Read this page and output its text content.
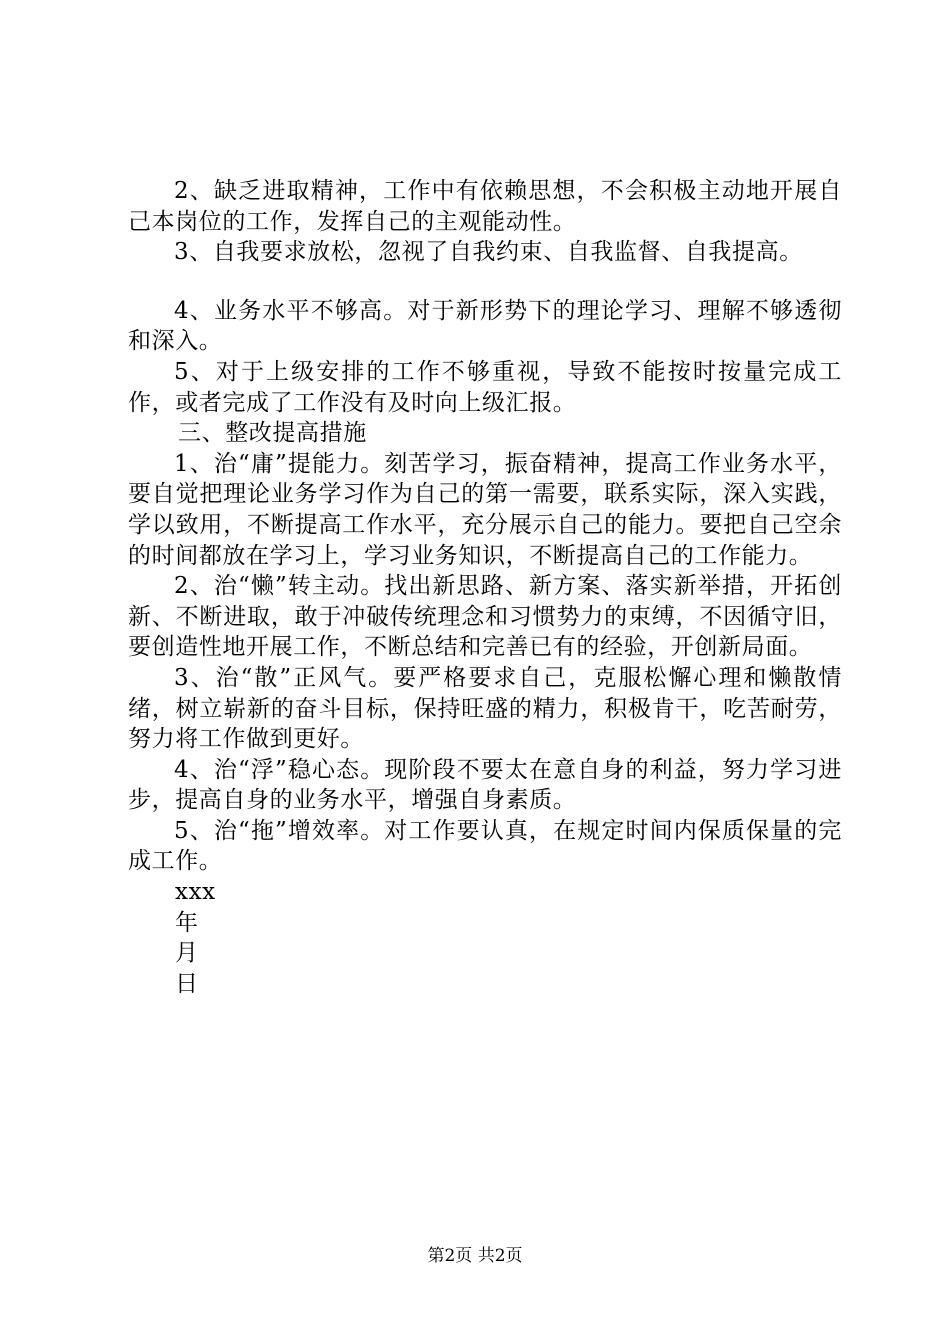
2、缺乏进取精神，工作中有依赖思想，不会积极主动地开展自己本岗位的工作，发挥自己的主观能动性。

3、自我要求放松，忽视了自我约束、自我监督、自我提高。

4、业务水平不够高。对于新形势下的理论学习、理解不够透彻和深入。

5、对于上级安排的工作不够重视，导致不能按时按量完成工作，或者完成了工作没有及时向上级汇报。

三、整改提高措施

1、治“庸”提能力。刻苦学习，振奋精神，提高工作业务水平，要自觉把理论业务学习作为自己的第一需要，联系实际，深入实践，学以致用，不断提高工作水平，充分展示自己的能力。要把自己空余的时间都放在学习上，学习业务知识，不断提高自己的工作能力。

2、治“懒”转主动。找出新思路、新方案、落实新举措，开拓创新、不断进取，敢于冲破传统理念和习惯势力的束缚，不因循守旧，要创造性地开展工作，不断总结和完善已有的经验，开创新局面。

3、治“散”正风气。要严格要求自己，克服松懈心理和懒散情绪，树立崭新的奋斗目标，保持旺盛的精力，积极肯干，吃苦耐劳，努力将工作做到更好。

4、治“浮”稳心态。现阶段不要太在意自身的利益，努力学习进步，提高自身的业务水平，增强自身素质。

5、治“拖”增效率。对工作要认真，在规定时间内保质保量的完成工作。

xxx

年

月

日

第2页 共2页
